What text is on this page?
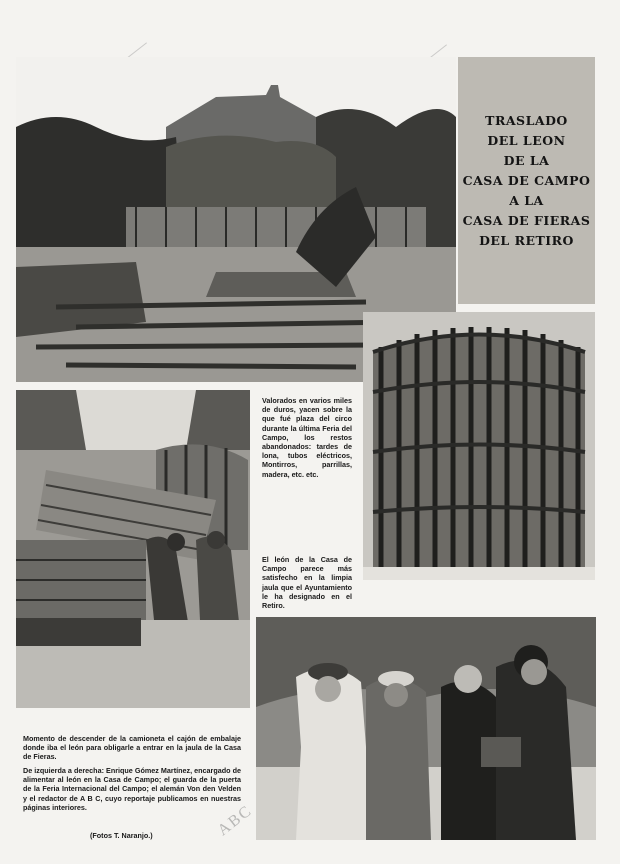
ABC
TRASLADO
DEL LEON
DE LA
CASA DE CAMPO
A LA
CASA DE FIERAS
DEL RETIRO
Valorados en varios miles de duros, yacen sobre la que fué plaza del circo durante la última Feria del Campo, los restos abandonados: tardes de lona, tubos eléctricos, Montirros, parrillas, madera, etc. etc.
El león de la Casa de Campo parece más satisfecho en la limpia jaula que el Ayuntamiento le ha designado en el Retiro.
Momento de descender de la camioneta el cajón de embalaje donde iba el león para obligarle a entrar en la jaula de la Casa de Fieras.
De izquierda a derecha: Enrique Gómez Martínez, encargado de alimentar al león en la Casa de Campo; el guarda de la puerta de la Feria Internacional del Campo; el alemán Von den Velden y el redactor de A B C, cuyo reportaje publicamos en nuestras páginas interiores.
(Fotos T. Naranjo.)
